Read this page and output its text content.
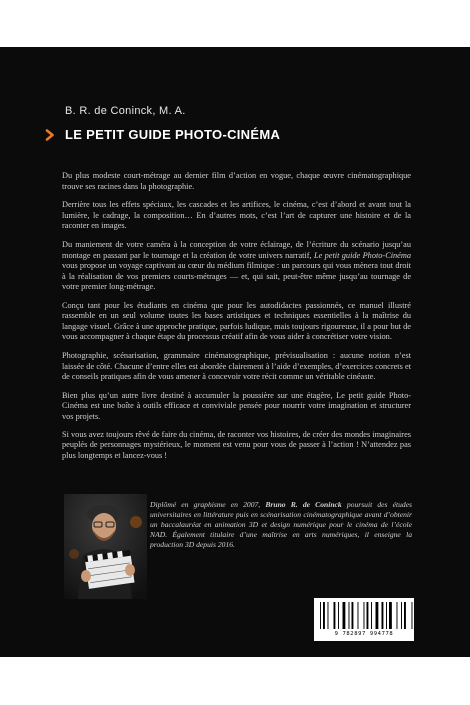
B. R. de Coninck, M. A.
LE PETIT GUIDE PHOTO-CINÉMA

Du plus modeste court-métrage au dernier film d’action en vogue, chaque œuvre cinématographique trouve ses racines dans la photographie.

Derrière tous les effets spéciaux, les cascades et les artifices, le cinéma, c’est d’abord et avant tout la lumière, le cadrage, la composition… En d’autres mots, c’est l’art de capturer une histoire et de la raconter en images.

Du maniement de votre caméra à la conception de votre éclairage, de l’écriture du scénario jusqu’au montage en passant par le tournage et la création de votre univers narratif, Le petit guide Photo-Cinéma vous propose un voyage captivant au cœur du médium filmique : un parcours qui vous mènera tout droit à la réalisation de vos premiers courts-métrages — et, qui sait, peut-être même jusqu’au tournage de votre premier long-métrage.

Conçu tant pour les étudiants en cinéma que pour les autodidactes passionnés, ce manuel illustré rassemble en un seul volume toutes les bases artistiques et techniques essentielles à la maîtrise du langage visuel. Grâce à une approche pratique, parfois ludique, mais toujours rigoureuse, il a pour but de vous accompagner à chaque étape du processus créatif afin de vous aider à concrétiser votre vision.

Photographie, scénarisation, grammaire cinématographique, prévisualisation : aucune notion n’est laissée de côté. Chacune d’entre elles est abordée clairement à l’aide d’exemples, d’exercices concrets et de conseils pratiques afin de vous amener à concevoir votre récit comme un véritable cinéaste.

Bien plus qu’un autre livre destiné à accumuler la poussière sur une étagère, Le petit guide Photo-Cinéma est une boîte à outils efficace et conviviale pensée pour nourrir votre imagination et structurer vos projets.

Si vous avez toujours rêvé de faire du cinéma, de raconter vos histoires, de créer des mondes imaginaires peuplés de personnages mystérieux, le moment est venu pour vous de passer à l’action ! N’attendez pas plus longtemps et lancez-vous !

Diplômé en graphisme en 2007, Bruno R. de Coninck poursuit des études universitaires en littérature puis en scénarisation cinématographique avant d’obtenir un baccalauréat en animation 3D et design numérique pour le cinéma de l’école NAD. Également titulaire d’une maîtrise en arts numériques, il enseigne la production 3D depuis 2016.
9 782897 994778
